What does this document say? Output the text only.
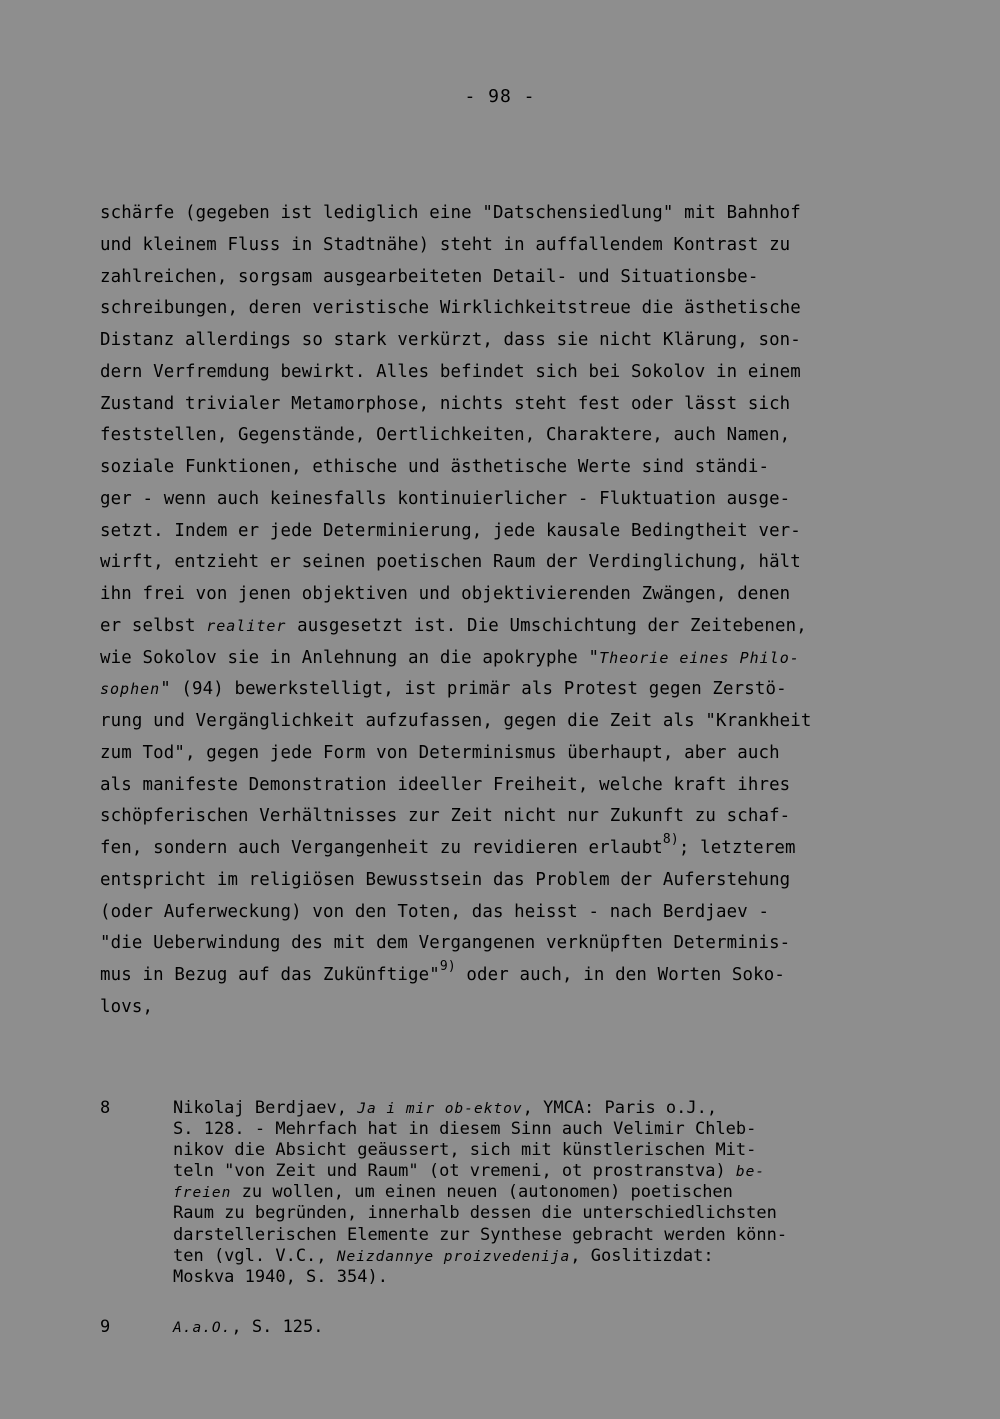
- 98 -
schärfe (gegeben ist lediglich eine "Datschensiedlung" mit Bahnhof
und kleinem Fluss in Stadtnähe) steht in auffallendem Kontrast zu
zahlreichen, sorgsam ausgearbeiteten Detail- und Situationsbe-
schreibungen, deren veristische Wirklichkeitstreue die ästhetische
Distanz allerdings so stark verkürzt, dass sie nicht Klärung, son-
dern Verfremdung bewirkt. Alles befindet sich bei Sokolov in einem
Zustand trivialer Metamorphose, nichts steht fest oder lässt sich
feststellen, Gegenstände, Oertlichkeiten, Charaktere, auch Namen,
soziale Funktionen, ethische und ästhetische Werte sind ständi-
ger - wenn auch keinesfalls kontinuierlicher - Fluktuation ausge-
setzt. Indem er jede Determinierung, jede kausale Bedingtheit ver-
wirft, entzieht er seinen poetischen Raum der Verdinglichung, hält
ihn frei von jenen objektiven und objektivierenden Zwängen, denen
er selbst realiter ausgesetzt ist. Die Umschichtung der Zeitebenen,
wie Sokolov sie in Anlehnung an die apokryphe "Theorie eines Philo-
sophen" (94) bewerkstelligt, ist primär als Protest gegen Zerstö-
rung und Vergänglichkeit aufzufassen, gegen die Zeit als "Krankheit
zum Tod", gegen jede Form von Determinismus überhaupt, aber auch
als manifeste Demonstration ideeller Freiheit, welche kraft ihres
schöpferischen Verhältnisses zur Zeit nicht nur Zukunft zu schaf-
fen, sondern auch Vergangenheit zu revidieren erlaubt$^{8)}$; letzterem
entspricht im religiösen Bewusstsein das Problem der Auferstehung
(oder Auferweckung) von den Toten, das heisst - nach Berdjaev -
"die Ueberwindung des mit dem Vergangenen verknüpften Determinis-
mus in Bezug auf das Zukünftige"$^{9)}$ oder auch, in den Worten Soko-
lovs,
8	Nikolaj Berdjaev, Ja i mir ob-ektov, YMCA: Paris o.J.,
S. 128. - Mehrfach hat in diesem Sinn auch Velimir Chleb-
nikov die Absicht geäussert, sich mit künstlerischen Mit-
teln "von Zeit und Raum" (ot vremeni, ot prostranstva) be-
freien zu wollen, um einen neuen (autonomen) poetischen
Raum zu begründen, innerhalb dessen die unterschiedlichsten
darstellerischen Elemente zur Synthese gebracht werden könn-
ten (vgl. V.C., Neizdannye proizvedenija, Goslitizdat:
Moskva 1940, S. 354).
9	A.a.O., S. 125.
